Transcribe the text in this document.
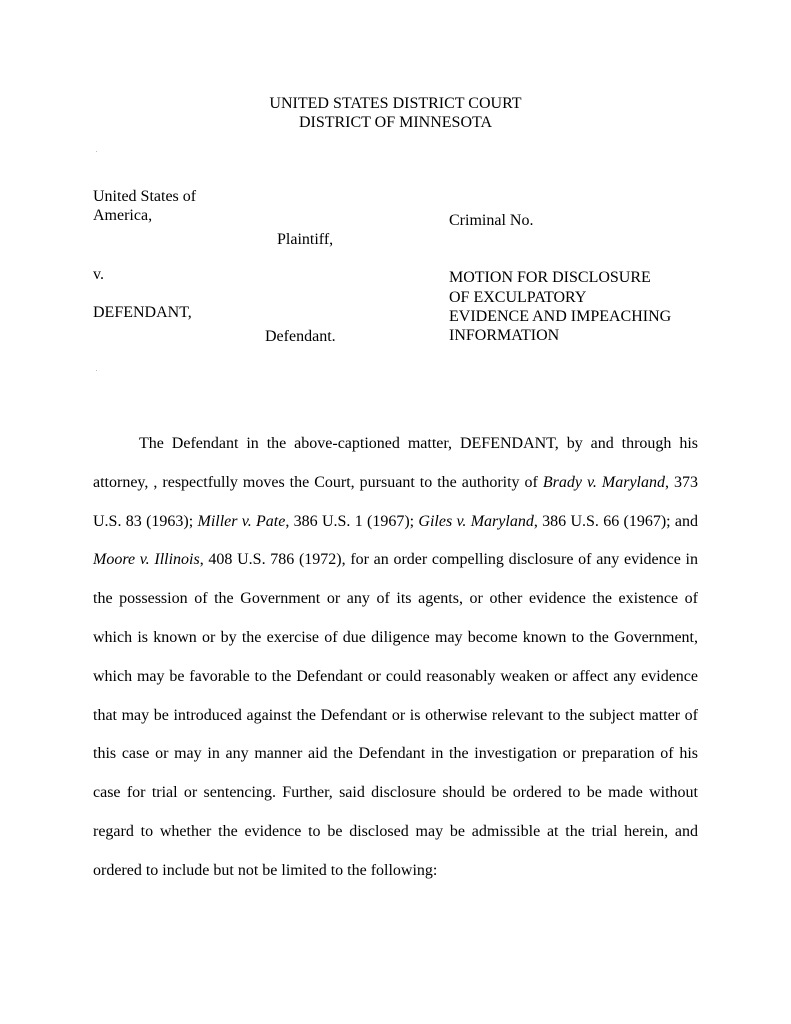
UNITED STATES DISTRICT COURT
DISTRICT OF MINNESOTA
United States of
America,
Plaintiff,
v.
DEFENDANT,
Defendant.
Criminal No.
MOTION FOR DISCLOSURE
OF EXCULPATORY
EVIDENCE AND IMPEACHING
INFORMATION
The Defendant in the above-captioned matter, DEFENDANT, by and through his attorney, , respectfully moves the Court, pursuant to the authority of Brady v. Maryland, 373 U.S. 83 (1963); Miller v. Pate, 386 U.S. 1 (1967); Giles v. Maryland, 386 U.S. 66 (1967); and Moore v. Illinois, 408 U.S. 786 (1972), for an order compelling disclosure of any evidence in the possession of the Government or any of its agents, or other evidence the existence of which is known or by the exercise of due diligence may become known to the Government, which may be favorable to the Defendant or could reasonably weaken or affect any evidence that may be introduced against the Defendant or is otherwise relevant to the subject matter of this case or may in any manner aid the Defendant in the investigation or preparation of his case for trial or sentencing. Further, said disclosure should be ordered to be made without regard to whether the evidence to be disclosed may be admissible at the trial herein, and ordered to include but not be limited to the following:
